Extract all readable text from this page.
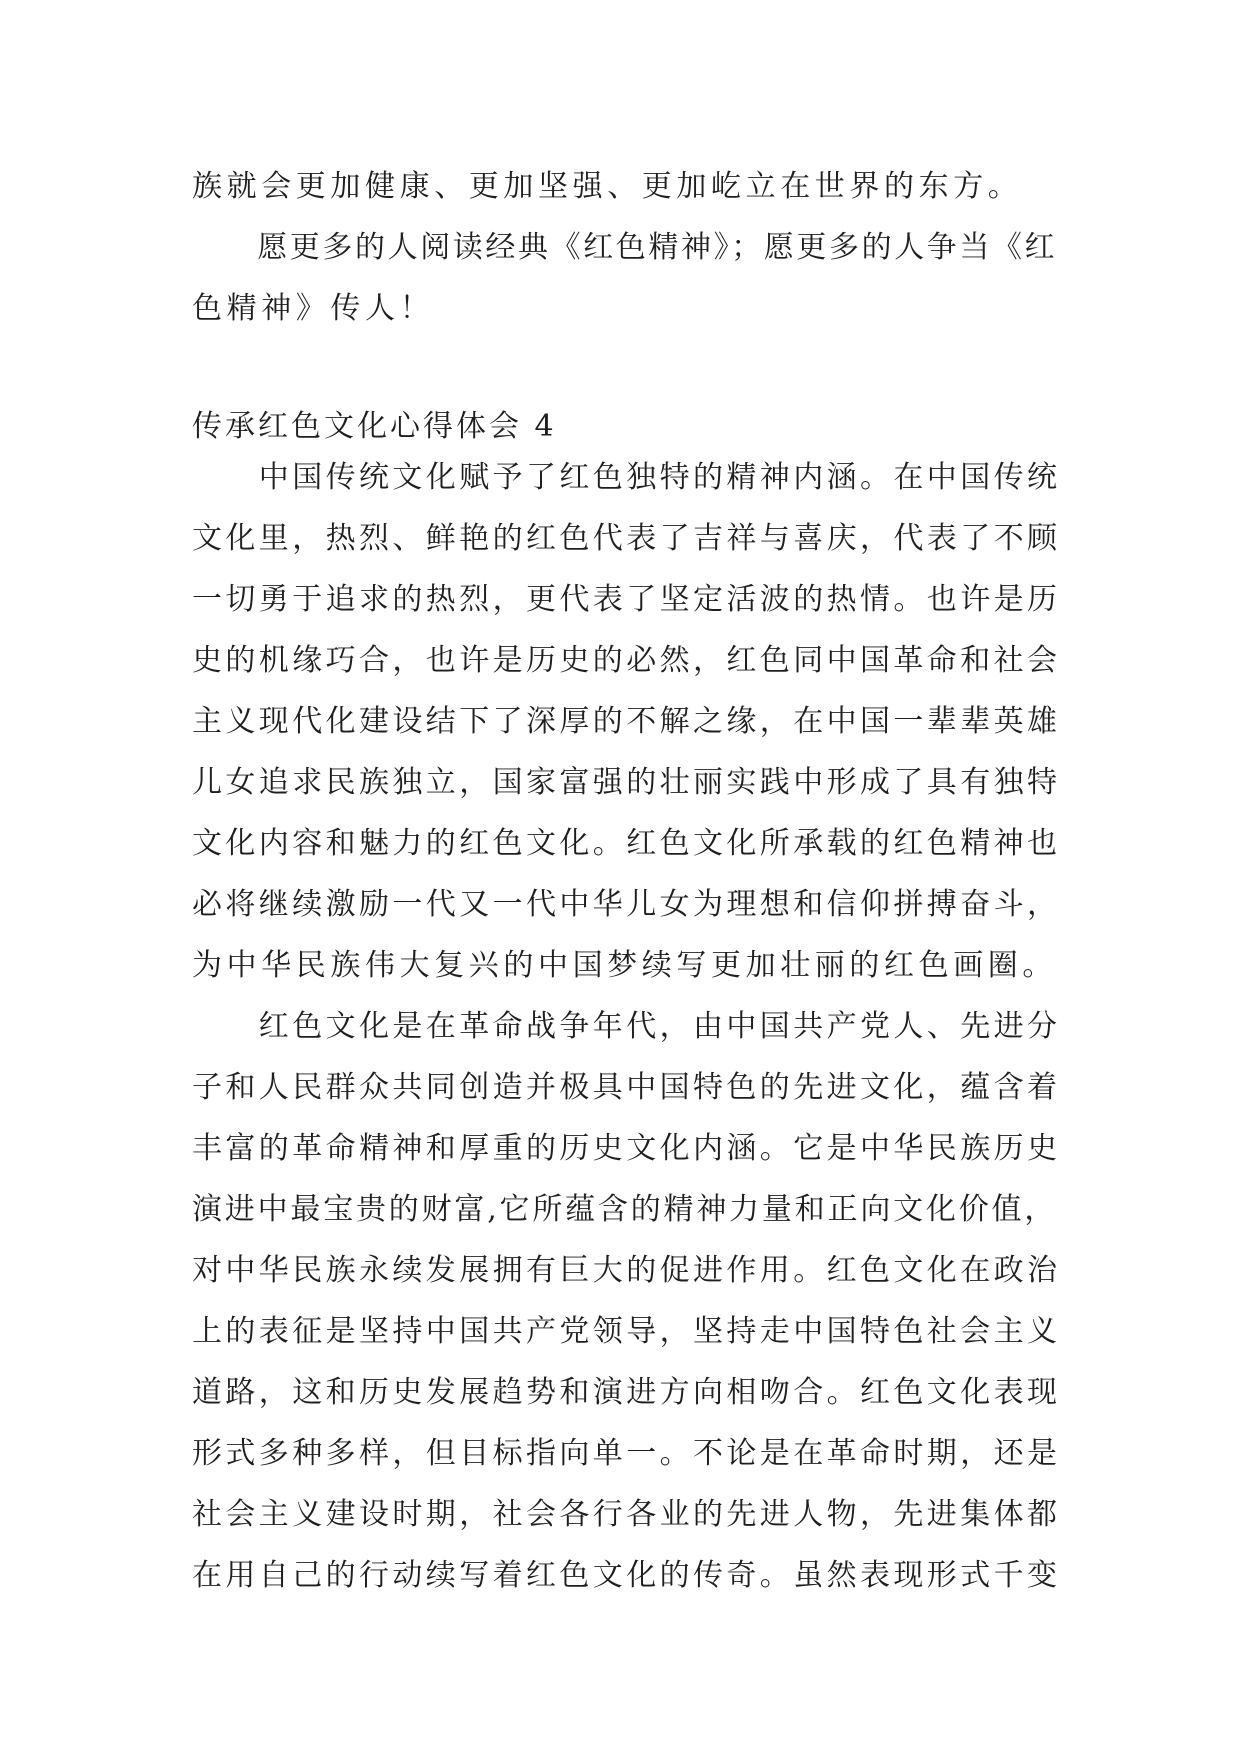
族就会更加健康、更加坚强、更加屹立在世界的东方。
　　愿更多的人阅读经典《红色精神》；愿更多的人争当《红
色精神》传人！
传承红色文化心得体会 4
　　中国传统文化赋予了红色独特的精神内涵。在中国传统
文化里，热烈、鲜艳的红色代表了吉祥与喜庆，代表了不顾
一切勇于追求的热烈，更代表了坚定活波的热情。也许是历
史的机缘巧合，也许是历史的必然，红色同中国革命和社会
主义现代化建设结下了深厚的不解之缘，在中国一辈辈英雄
儿女追求民族独立，国家富强的壮丽实践中形成了具有独特
文化内容和魅力的红色文化。红色文化所承载的红色精神也
必将继续激励一代又一代中华儿女为理想和信仰拼搏奋斗，
为中华民族伟大复兴的中国梦续写更加壮丽的红色画圈。
　　红色文化是在革命战争年代，由中国共产党人、先进分
子和人民群众共同创造并极具中国特色的先进文化，蕴含着
丰富的革命精神和厚重的历史文化内涵。它是中华民族历史
演进中最宝贵的财富,它所蕴含的精神力量和正向文化价值，
对中华民族永续发展拥有巨大的促进作用。红色文化在政治
上的表征是坚持中国共产党领导，坚持走中国特色社会主义
道路，这和历史发展趋势和演进方向相吻合。红色文化表现
形式多种多样，但目标指向单一。不论是在革命时期，还是
社会主义建设时期，社会各行各业的先进人物，先进集体都
在用自己的行动续写着红色文化的传奇。虽然表现形式千变
